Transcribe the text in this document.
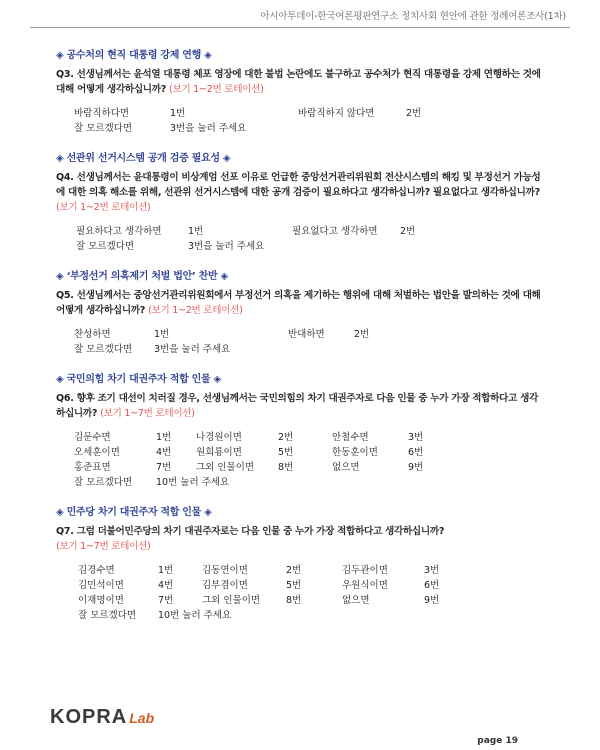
아시아투데이-한국여론평판연구소 정치사회 현안에 관한 정례여론조사(1차)
◈ 공수처의 현직 대통령 강제 연행 ◈
Q3. 선생님께서는 윤석열 대통령 체포 영장에 대한 불법 논란에도 불구하고 공수처가 현직 대통령을 강제 연행하는 것에 대해 어떻게 생각하십니까? (보기 1~2번 로테이션)
바람직하다면	1번	바람직하지 않다면	2번
잘 모르겠다면	3번을 눌러 주세요
◈ 선관위 선거시스템 공개 검증 필요성 ◈
Q4. 선생님께서는 윤대통령이 비상계엄 선포 이유로 언급한 중앙선거관리위원회 전산시스템의 해킹 및 부정선거 가능성에 대한 의혹 해소를 위해, 선관위 선거시스템에 대한 공개 검증이 필요하다고 생각하십니까? 필요없다고 생각하십니까? (보기 1~2번 로테이션)
필요하다고 생각하면	1번	필요없다고 생각하면	2번
잘 모르겠다면	3번을 눌러 주세요
◈ ‘부정선거 의혹제기 처벌 법안’ 찬반 ◈
Q5. 선생님께서는 중앙선거관리위원회에서 부정선거 의혹을 제기하는 행위에 대해 처벌하는 법안을 발의하는 것에 대해 어떻게 생각하십니까? (보기 1~2번 로테이션)
찬성하면	1번	반대하면	2번
잘 모르겠다면	3번을 눌러 주세요
◈ 국민의힘 차기 대권주자 적합 인물 ◈
Q6. 향후 조기 대선이 치러질 경우, 선생님께서는 국민의힘의 차기 대권주자로 다음 인물 중 누가 가장 적합하다고 생각하십니까? (보기 1~7번 로테이션)
김문수면	1번	나경원이면	2번	안철수면	3번
오세훈이면	4번	원희룡이면	5번	한동훈이면	6번
홍준표면	7번	그외 인물이면	8번	없으면	9번
잘 모르겠다면	10번 눌러 주세요
◈ 민주당 차기 대권주자 적합 인물 ◈
Q7. 그럼 더불어민주당의 차기 대권주자로는 다음 인물 중 누가 가장 적합하다고 생각하십니까?
(보기 1~7번 로테이션)
김경수면	1번	김동연이면	2번	김두관이면	3번
김민석이면	4번	김부겸이면	5번	우원식이면	6번
이재명이면	7번	그외 인물이면	8번	없으면	9번
잘 모르겠다면	10번 눌러 주세요
KOPRA Lab
page 19
